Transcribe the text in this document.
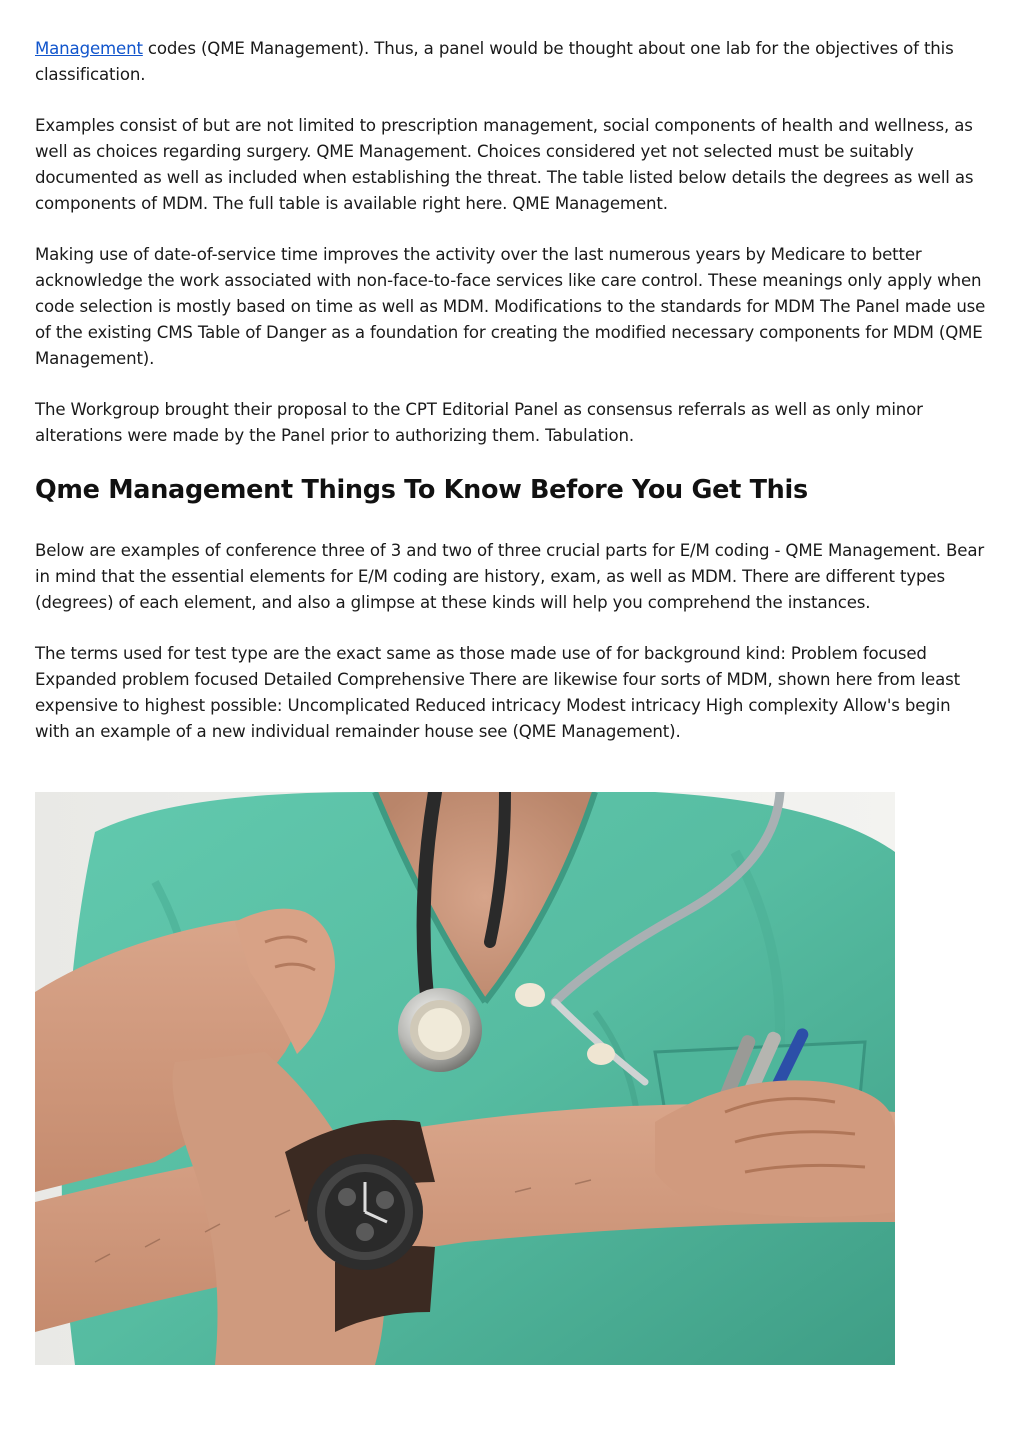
Management codes (QME Management). Thus, a panel would be thought about one lab for the objectives of this classification.

Examples consist of but are not limited to prescription management, social components of health and wellness, as well as choices regarding surgery. QME Management. Choices considered yet not selected must be suitably documented as well as included when establishing the threat. The table listed below details the degrees as well as components of MDM. The full table is available right here. QME Management.

Making use of date-of-service time improves the activity over the last numerous years by Medicare to better acknowledge the work associated with non-face-to-face services like care control. These meanings only apply when code selection is mostly based on time as well as MDM. Modifications to the standards for MDM The Panel made use of the existing CMS Table of Danger as a foundation for creating the modified necessary components for MDM (QME Management).

The Workgroup brought their proposal to the CPT Editorial Panel as consensus referrals as well as only minor alterations were made by the Panel prior to authorizing them. Tabulation.

Qme Management Things To Know Before You Get This

Below are examples of conference three of 3 and two of three crucial parts for E/M coding - QME Management. Bear in mind that the essential elements for E/M coding are history, exam, as well as MDM. There are different types (degrees) of each element, and also a glimpse at these kinds will help you comprehend the instances.

The terms used for test type are the exact same as those made use of for background kind: Problem focused Expanded problem focused Detailed Comprehensive There are likewise four sorts of MDM, shown here from least expensive to highest possible: Uncomplicated Reduced intricacy Modest intricacy High complexity Allow's begin with an example of a new individual remainder house see (QME Management).
